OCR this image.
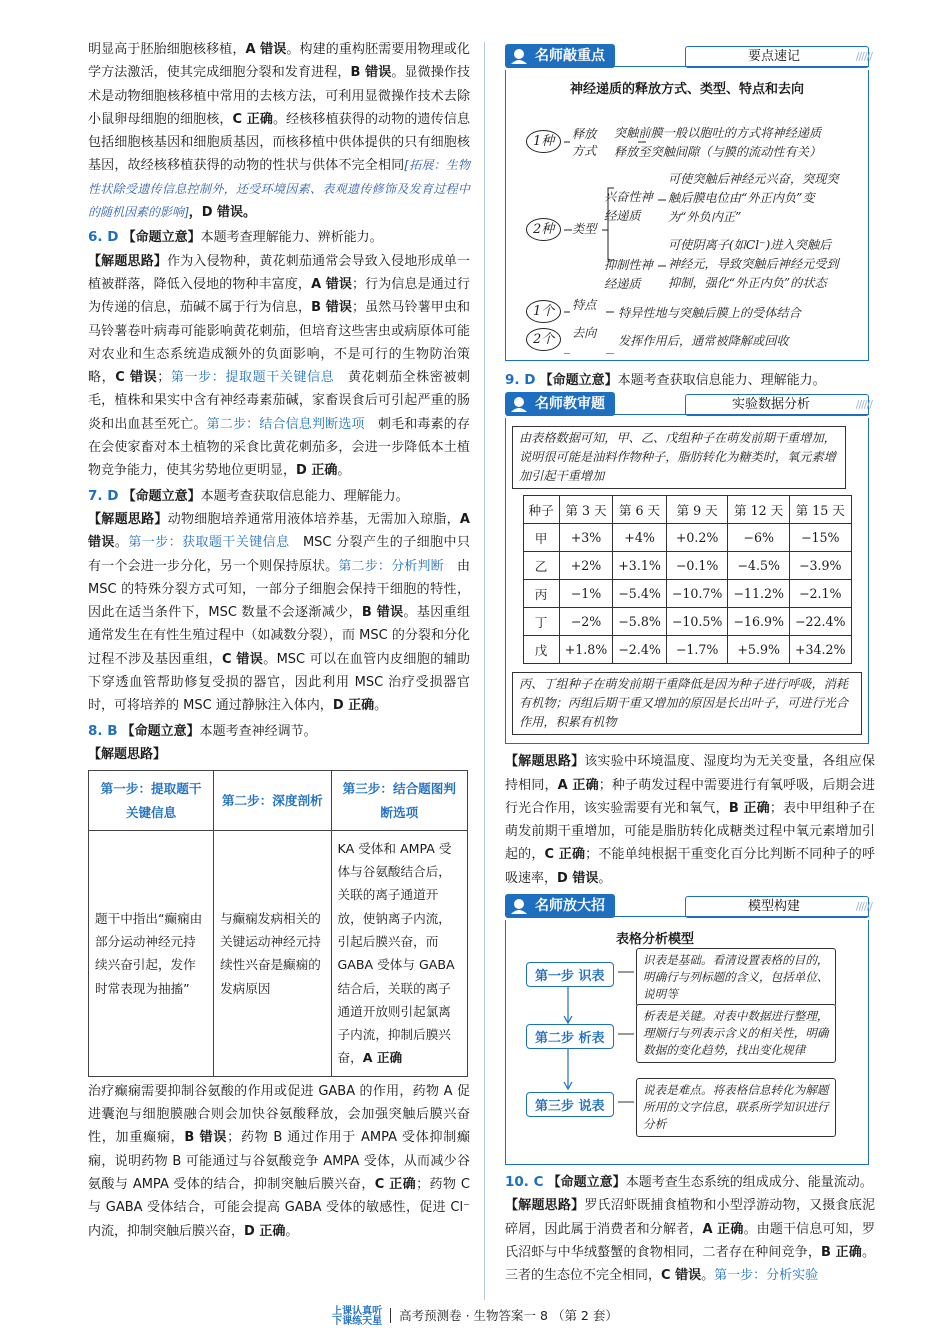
明显高于胚胎细胞核移植，A 错误。构建的重构胚需要用物理或化学方法激活，使其完成细胞分裂和发育进程，B 错误。显微操作技术是动物细胞核移植中常用的去核方法，可利用显微操作技术去除小鼠卵母细胞的细胞核，C 正确。经核移植获得的动物的遗传信息包括细胞核基因和细胞质基因，而核移植中供体提供的只有细胞核基因，故经核移植获得的动物的性状与供体不完全相同[拓展：生物性状除受遗传信息控制外，还受环境因素、表观遗传修饰及发育过程中的随机因素的影响]，D 错误。

6. D 【命题立意】本题考查理解能力、辨析能力。

【解题思路】作为入侵物种，黄花刺茄通常会导致入侵地形成单一植被群落，降低入侵地的物种丰富度，A 错误；行为信息是通过行为传递的信息，茄碱不属于行为信息，B 错误；虽然马铃薯甲虫和马铃薯卷叶病毒可能影响黄花刺茄，但培育这些害虫或病原体可能对农业和生态系统造成额外的负面影响，不是可行的生物防治策略，C 错误；第一步：提取题干关键信息　黄花刺茄全株密被刺毛，植株和果实中含有神经毒素茄碱，家畜误食后可引起严重的肠炎和出血甚至死亡。第二步：结合信息判断选项　刺毛和毒素的存在会使家畜对本土植物的采食比黄花刺茄多，会进一步降低本土植物竞争能力，使其劣势地位更明显，D 正确。

7. D 【命题立意】本题考查获取信息能力、理解能力。

【解题思路】动物细胞培养通常用液体培养基，无需加入琼脂，A 错误。第一步：获取题干关键信息　MSC 分裂产生的子细胞中只有一个会进一步分化，另一个则保持原状。第二步：分析判断　由 MSC 的特殊分裂方式可知，一部分子细胞会保持干细胞的特性，因此在适当条件下，MSC 数量不会逐渐减少，B 错误。基因重组通常发生在有性生殖过程中（如减数分裂），而 MSC 的分裂和分化过程不涉及基因重组，C 错误。MSC 可以在血管内皮细胞的辅助下穿透血管帮助修复受损的器官，因此利用 MSC 治疗受损器官时，可将培养的 MSC 通过静脉注入体内，D 正确。

8. B 【命题立意】本题考查神经调节。
【解题思路】
第一步：提取题干关键信息	第二步：深度剖析	第三步：结合题图判断选项
题干中指出“癫痫由部分运动神经元持续兴奋引起，发作时常表现为抽搐”	与癫痫发病相关的关键运动神经元持续性兴奋是癫痫的发病原因	KA 受体和 AMPA 受体与谷氨酸结合后，关联的离子通道开放，使钠离子内流，引起后膜兴奋，而 GABA 受体与 GABA 结合后，关联的离子通道开放则引起氯离子内流，抑制后膜兴奋，A 正确

治疗癫痫需要抑制谷氨酸的作用或促进 GABA 的作用，药物 A 促进囊泡与细胞膜融合则会加快谷氨酸释放，会加强突触后膜兴奋性，加重癫痫，B 错误；药物 B 通过作用于 AMPA 受体抑制癫痫，说明药物 B 可能通过与谷氨酸竞争 AMPA 受体，从而减少谷氨酸与 AMPA 受体的结合，抑制突触后膜兴奋，C 正确；药物 C 与 GABA 受体结合，可能会提高 GABA 受体的敏感性，促进 Cl⁻ 内流，抑制突触后膜兴奋，D 正确。

名师敲重点	要点速记 //////
神经递质的释放方式、类型、特点和去向
1种	释放方式
突触前膜一般以胞吐的方式将神经递质释放至突触间隙（与膜的流动性有关）
2种	类型
兴奋性神经递质
可使突触后神经元兴奋，突现突触后膜电位由“外正内负”变为“外负内正”
抑制性神经递质
可使阴离子(如Cl⁻)进入突触后神经元，导致突触后神经元受到抑制，强化“外正内负”的状态
1个	特点
特异性地与突触后膜上的受体结合
2个	去向
发挥作用后，通常被降解或回收
9. D 【命题立意】本题考查获取信息能力、理解能力。
名师教审题	实验数据分析 //////
由表格数据可知，甲、乙、戊组种子在萌发前期干重增加，说明很可能是油料作物种子，脂肪转化为糖类时，氧元素增加引起干重增加
种子	第 3 天	第 6 天	第 9 天	第 12 天	第 15 天
甲	+3%	+4%	+0.2%	−6%	−15%
乙	+2%	+3.1%	−0.1%	−4.5%	−3.9%
丙	−1%	−5.4%	−10.7%	−11.2%	−2.1%
丁	−2%	−5.8%	−10.5%	−16.9%	−22.4%
戊	+1.8%	−2.4%	−1.7%	+5.9%	+34.2%
丙、丁组种子在萌发前期干重降低是因为种子进行呼吸，消耗有机物；丙组后期干重又增加的原因是长出叶子，可进行光合作用，积累有机物

【解题思路】该实验中环境温度、湿度均为无关变量，各组应保持相同，A 正确；种子萌发过程中需要进行有氧呼吸，后期会进行光合作用，该实验需要有光和氧气，B 正确；表中甲组种子在萌发前期干重增加，可能是脂肪转化成糖类过程中氧元素增加引起的，C 正确；不能单纯根据干重变化百分比判断不同种子的呼吸速率，D 错误。

名师放大招	模型构建 //////
表格分析模型
第一步 识表
识表是基础。看清设置表格的目的，明确行与列标题的含义，包括单位、说明等
第二步 析表
析表是关键。对表中数据进行整理，理顺行与列表示含义的相关性，明确数据的变化趋势，找出变化规律
第三步 说表
说表是难点。将表格信息转化为解题所用的文字信息，联系所学知识进行分析
10. C 【命题立意】本题考查生态系统的组成成分、能量流动。

【解题思路】罗氏沼虾既捕食植物和小型浮游动物，又摄食底泥碎屑，因此属于消费者和分解者，A 正确。由题干信息可知，罗氏沼虾与中华绒螯蟹的食物相同，二者存在种间竞争，B 正确。三者的生态位不完全相同，C 错误。第一步：分析实验

上课认真听
下课练天星 高考预测卷 · 生物答案一 8 （第 2 套）
